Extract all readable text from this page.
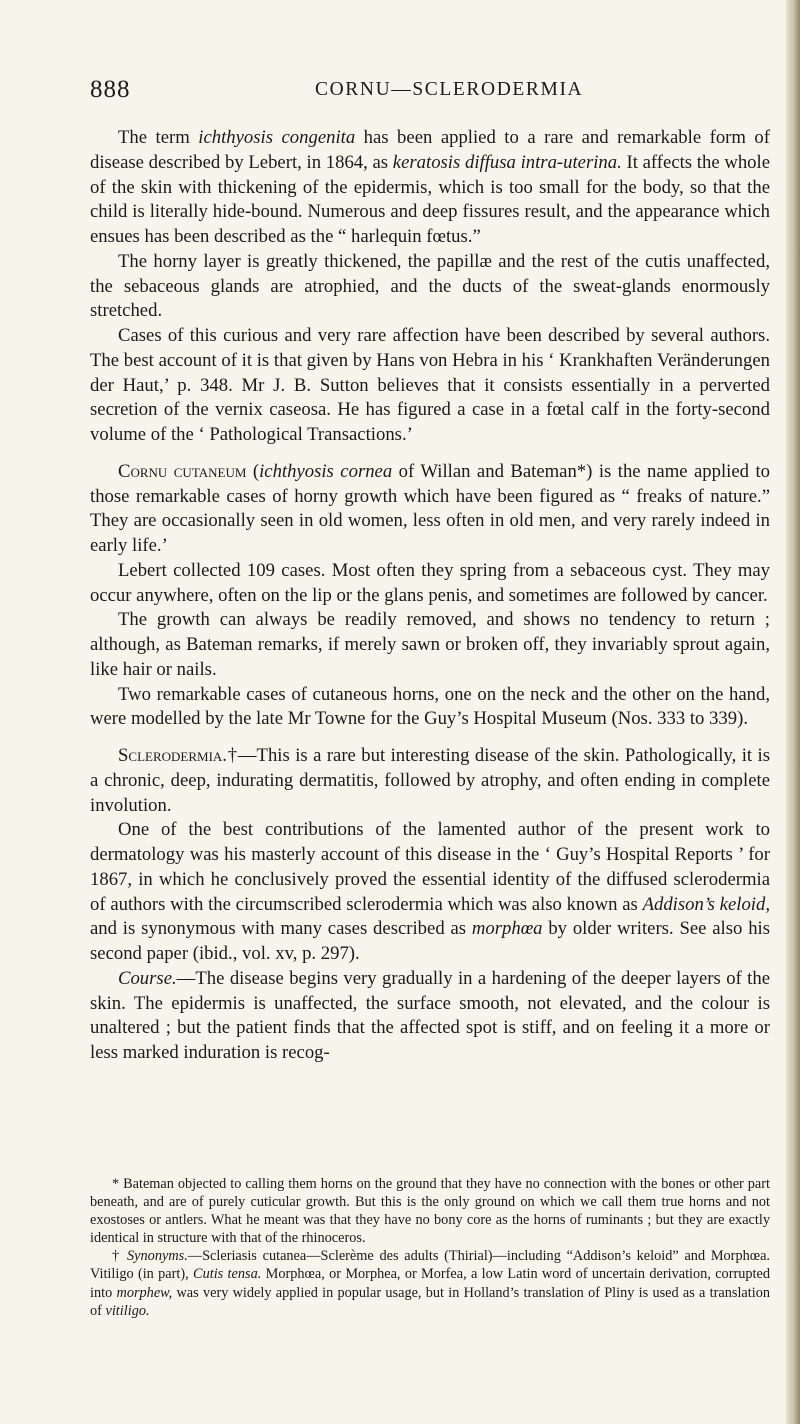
888	CORNU—SCLERODERMIA

The term ichthyosis congenita has been applied to a rare and remarkable form of disease described by Lebert, in 1864, as keratosis diffusa intra-uterina. It affects the whole of the skin with thickening of the epidermis, which is too small for the body, so that the child is literally hide-bound. Numerous and deep fissures result, and the appearance which ensues has been described as the “ harlequin fœtus.”

The horny layer is greatly thickened, the papillæ and the rest of the cutis unaffected, the sebaceous glands are atrophied, and the ducts of the sweat-glands enormously stretched.

Cases of this curious and very rare affection have been described by several authors. The best account of it is that given by Hans von Hebra in his ‘ Krankhaften Veränderungen der Haut,’ p. 348. Mr J. B. Sutton believes that it consists essentially in a perverted secretion of the vernix caseosa. He has figured a case in a fœtal calf in the forty-second volume of the ‘ Pathological Transactions.’

Cornu cutaneum (ichthyosis cornea of Willan and Bateman*) is the name applied to those remarkable cases of horny growth which have been figured as “ freaks of nature.” They are occasionally seen in old women, less often in old men, and very rarely indeed in early life.’

Lebert collected 109 cases. Most often they spring from a sebaceous cyst. They may occur anywhere, often on the lip or the glans penis, and sometimes are followed by cancer.

The growth can always be readily removed, and shows no tendency to return ; although, as Bateman remarks, if merely sawn or broken off, they invariably sprout again, like hair or nails.

Two remarkable cases of cutaneous horns, one on the neck and the other on the hand, were modelled by the late Mr Towne for the Guy’s Hospital Museum (Nos. 333 to 339).

Sclerodermia.†—This is a rare but interesting disease of the skin. Pathologically, it is a chronic, deep, indurating dermatitis, followed by atrophy, and often ending in complete involution.

One of the best contributions of the lamented author of the present work to dermatology was his masterly account of this disease in the ‘ Guy’s Hospital Reports ’ for 1867, in which he conclusively proved the essential identity of the diffused sclerodermia of authors with the circumscribed sclerodermia which was also known as Addison’s keloid, and is synonymous with many cases described as morphœa by older writers. See also his second paper (ibid., vol. xv, p. 297).

Course.—The disease begins very gradually in a hardening of the deeper layers of the skin. The epidermis is unaffected, the surface smooth, not elevated, and the colour is unaltered ; but the patient finds that the affected spot is stiff, and on feeling it a more or less marked induration is recog-

* Bateman objected to calling them horns on the ground that they have no connection with the bones or other part beneath, and are of purely cuticular growth. But this is the only ground on which we call them true horns and not exostoses or antlers. What he meant was that they have no bony core as the horns of ruminants ; but they are exactly identical in structure with that of the rhinoceros.

† Synonyms.—Scleriasis cutanea—Sclerème des adults (Thirial)—including “Addison’s keloid” and Morphœa. Vitiligo (in part), Cutis tensa. Morphœa, or Morphea, or Morfea, a low Latin word of uncertain derivation, corrupted into morphew, was very widely applied in popular usage, but in Holland’s translation of Pliny is used as a translation of vitiligo.
